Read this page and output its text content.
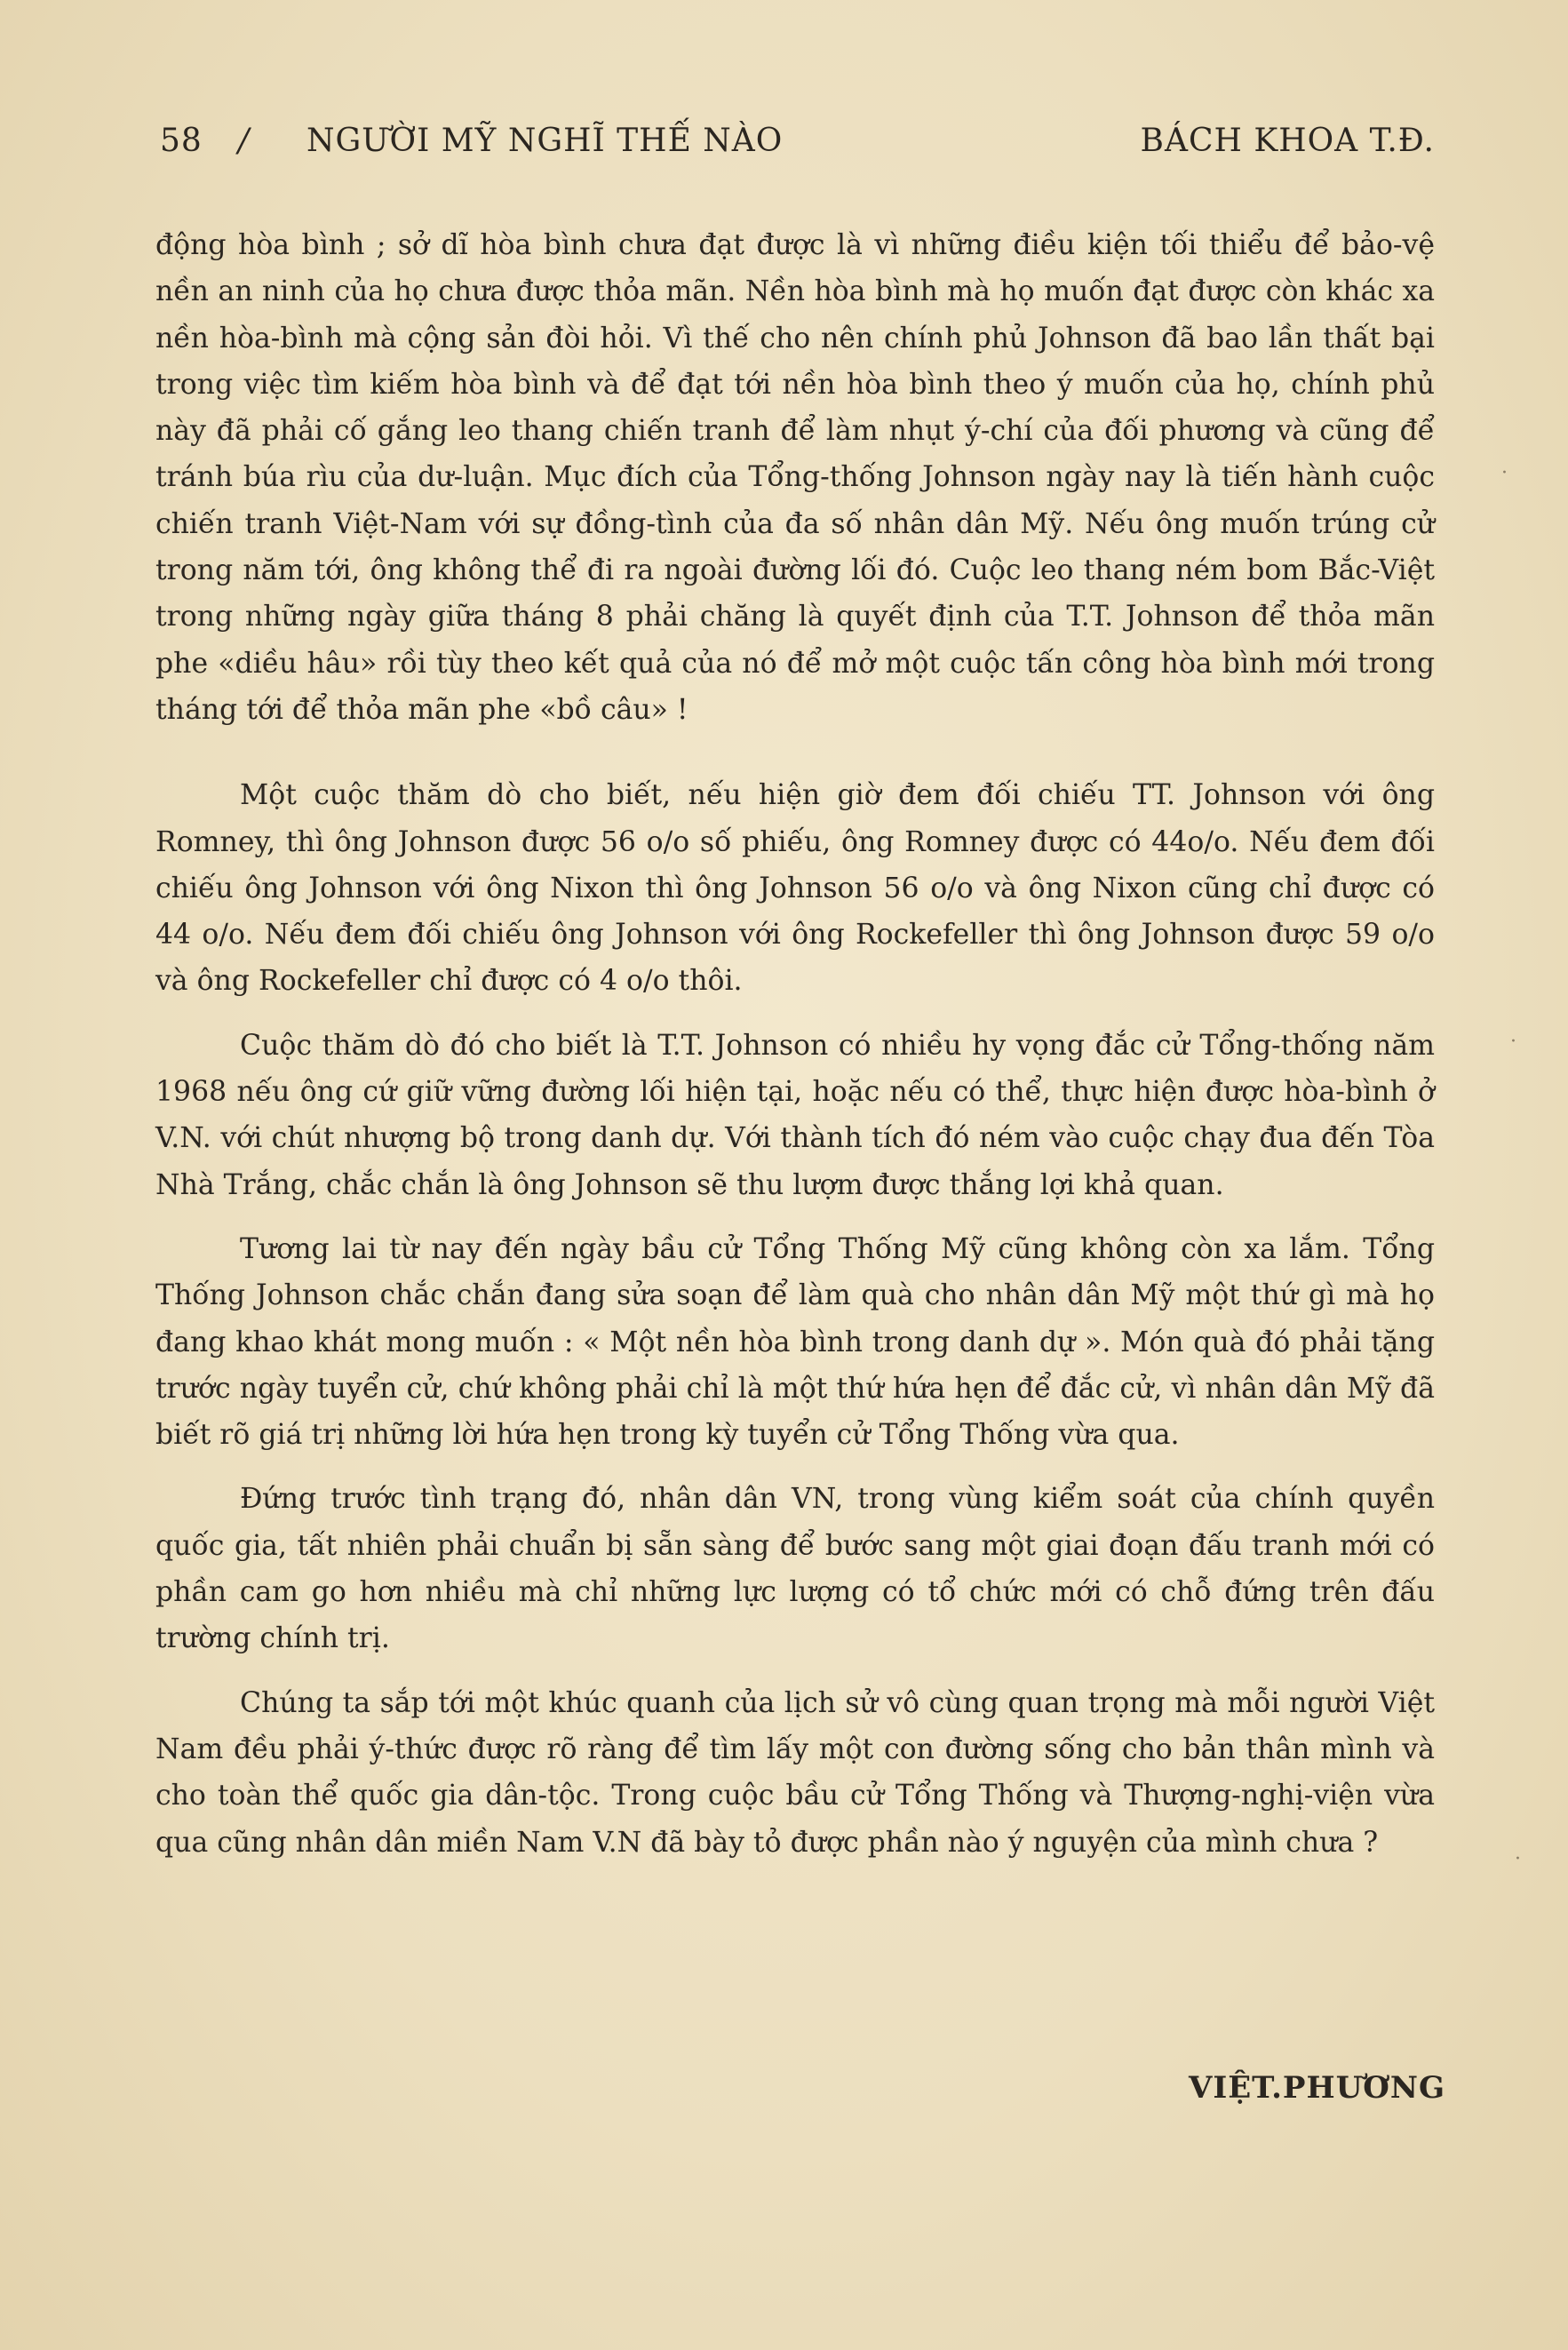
58 / NGƯỜI MỸ NGHĨ THẾ NÀO	BÁCH KHOA T.Đ.

động hòa bình ; sở dĩ hòa bình chưa đạt được là vì những điều kiện tối thiểu để bảo-vệ nền an ninh của họ chưa được thỏa mãn. Nền hòa bình mà họ muốn đạt được còn khác xa nền hòa-bình mà cộng sản đòi hỏi. Vì thế cho nên chính phủ Johnson đã bao lần thất bại trong việc tìm kiếm hòa bình và để đạt tới nền hòa bình theo ý muốn của họ, chính phủ này đã phải cố gắng leo thang chiến tranh để làm nhụt ý-chí của đối phương và cũng để tránh búa rìu của dư-luận. Mục đích của Tổng-thống Johnson ngày nay là tiến hành cuộc chiến tranh Việt-Nam với sự đồng-tình của đa số nhân dân Mỹ. Nếu ông muốn trúng cử trong năm tới, ông không thể đi ra ngoài đường lối đó. Cuộc leo thang ném bom Bắc-Việt trong những ngày giữa tháng 8 phải chăng là quyết định của T.T. Johnson để thỏa mãn phe «diều hâu» rồi tùy theo kết quả của nó để mở một cuộc tấn công hòa bình mới trong tháng tới để thỏa mãn phe «bồ câu» !

Một cuộc thăm dò cho biết, nếu hiện giờ đem đối chiếu TT. Johnson với ông Romney, thì ông Johnson được 56 o/o số phiếu, ông Romney được có 44o/o. Nếu đem đối chiếu ông Johnson với ông Nixon thì ông Johnson 56 o/o và ông Nixon cũng chỉ được có 44 o/o. Nếu đem đối chiếu ông Johnson với ông Rockefeller thì ông Johnson được 59 o/o và ông Rockefeller chỉ được có 4 o/o thôi.

Cuộc thăm dò đó cho biết là T.T. Johnson có nhiều hy vọng đắc cử Tổng-thống năm 1968 nếu ông cứ giữ vững đường lối hiện tại, hoặc nếu có thể, thực hiện được hòa-bình ở V.N. với chút nhượng bộ trong danh dự. Với thành tích đó ném vào cuộc chạy đua đến Tòa Nhà Trắng, chắc chắn là ông Johnson sẽ thu lượm được thắng lợi khả quan.

Tương lai từ nay đến ngày bầu cử Tổng Thống Mỹ cũng không còn xa lắm. Tổng Thống Johnson chắc chắn đang sửa soạn để làm quà cho nhân dân Mỹ một thứ gì mà họ đang khao khát mong muốn : « Một nền hòa bình trong danh dự ». Món quà đó phải tặng trước ngày tuyển cử, chứ không phải chỉ là một thứ hứa hẹn để đắc cử, vì nhân dân Mỹ đã biết rõ giá trị những lời hứa hẹn trong kỳ tuyển cử Tổng Thống vừa qua.

Đứng trước tình trạng đó, nhân dân VN, trong vùng kiểm soát của chính quyền quốc gia, tất nhiên phải chuẩn bị sẵn sàng để bước sang một giai đoạn đấu tranh mới có phần cam go hơn nhiều mà chỉ những lực lượng có tổ chức mới có chỗ đứng trên đấu trường chính trị.

Chúng ta sắp tới một khúc quanh của lịch sử vô cùng quan trọng mà mỗi người Việt Nam đều phải ý-thức được rõ ràng để tìm lấy một con đường sống cho bản thân mình và cho toàn thể quốc gia dân-tộc. Trong cuộc bầu cử Tổng Thống và Thượng-nghị-viện vừa qua cũng nhân dân miền Nam V.N đã bày tỏ được phần nào ý nguyện của mình chưa ?

VIỆT.PHƯƠNG
·
·
·
